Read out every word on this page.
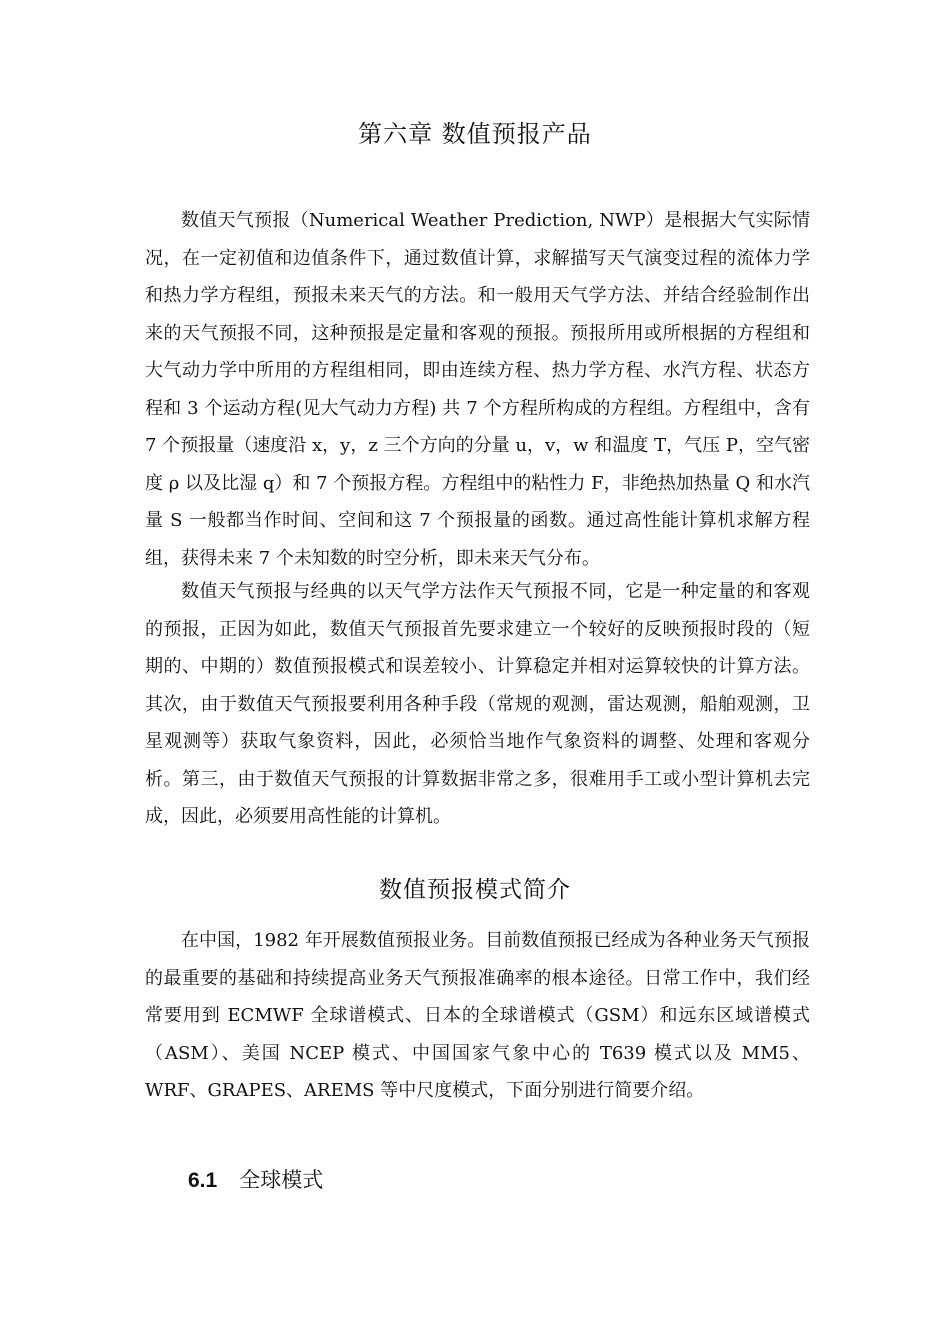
第六章 数值预报产品

数值天气预报（Numerical Weather Prediction, NWP）是根据大气实际情况，在一定初值和边值条件下，通过数值计算，求解描写天气演变过程的流体力学和热力学方程组，预报未来天气的方法。和一般用天气学方法、并结合经验制作出来的天气预报不同，这种预报是定量和客观的预报。预报所用或所根据的方程组和大气动力学中所用的方程组相同，即由连续方程、热力学方程、水汽方程、状态方程和 3 个运动方程(见大气动力方程) 共 7 个方程所构成的方程组。方程组中，含有 7 个预报量（速度沿 x，y，z 三个方向的分量 u，v，w 和温度 T，气压 P，空气密度 ρ 以及比湿 q）和 7 个预报方程。方程组中的粘性力 F，非绝热加热量 Q 和水汽量 S 一般都当作时间、空间和这 7 个预报量的函数。通过高性能计算机求解方程组，获得未来 7 个未知数的时空分析，即未来天气分布。

数值天气预报与经典的以天气学方法作天气预报不同，它是一种定量的和客观的预报，正因为如此，数值天气预报首先要求建立一个较好的反映预报时段的（短期的、中期的）数值预报模式和误差较小、计算稳定并相对运算较快的计算方法。其次，由于数值天气预报要利用各种手段（常规的观测，雷达观测，船舶观测，卫星观测等）获取气象资料，因此，必须恰当地作气象资料的调整、处理和客观分析。第三，由于数值天气预报的计算数据非常之多，很难用手工或小型计算机去完成，因此，必须要用高性能的计算机。

数值预报模式简介

在中国，1982 年开展数值预报业务。目前数值预报已经成为各种业务天气预报的最重要的基础和持续提高业务天气预报准确率的根本途径。日常工作中，我们经常要用到 ECMWF 全球谱模式、日本的全球谱模式（GSM）和远东区域谱模式（ASM）、美国 NCEP 模式、中国国家气象中心的 T639 模式以及 MM5、WRF、GRAPES、AREMS 等中尺度模式，下面分别进行简要介绍。

6.1 全球模式
